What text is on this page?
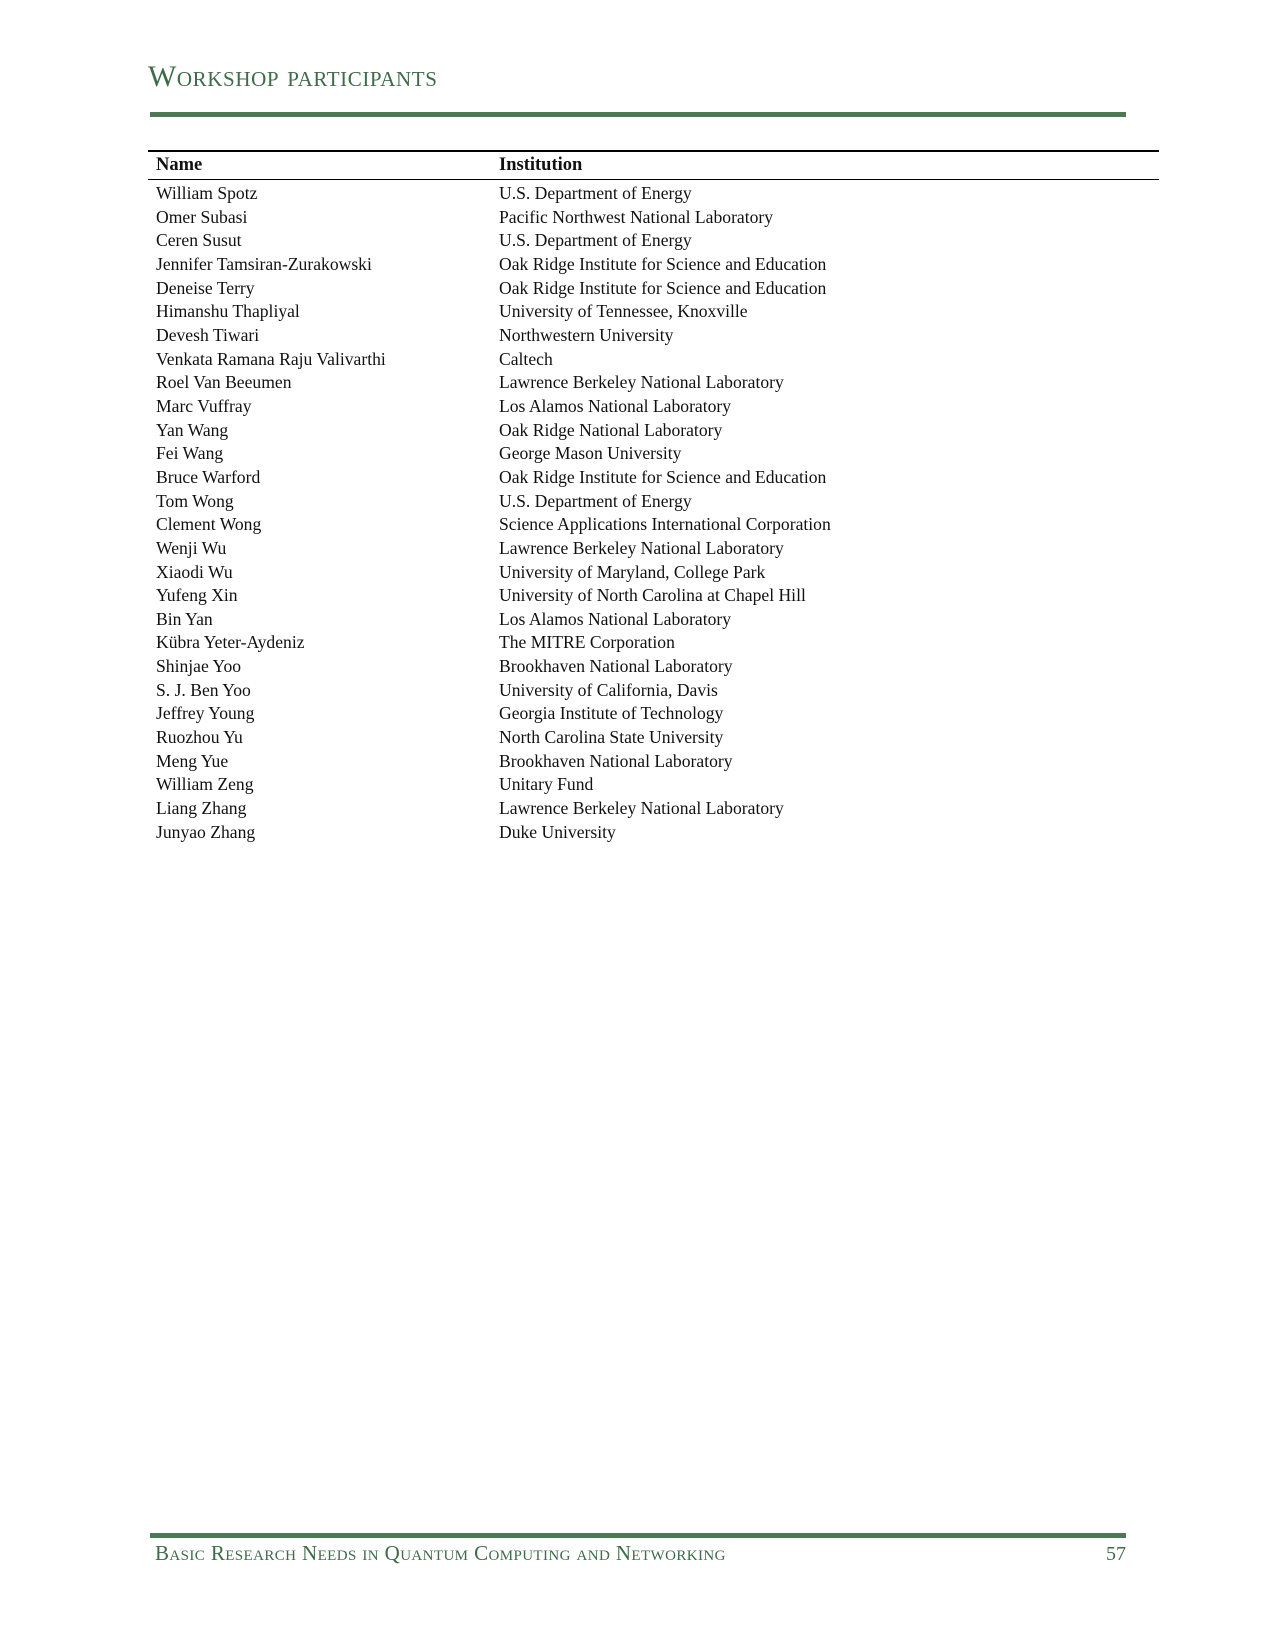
Workshop participants
Name	Institution
William Spotz	U.S. Department of Energy
Omer Subasi	Pacific Northwest National Laboratory
Ceren Susut	U.S. Department of Energy
Jennifer Tamsiran-Zurakowski	Oak Ridge Institute for Science and Education
Deneise Terry	Oak Ridge Institute for Science and Education
Himanshu Thapliyal	University of Tennessee, Knoxville
Devesh Tiwari	Northwestern University
Venkata Ramana Raju Valivarthi	Caltech
Roel Van Beeumen	Lawrence Berkeley National Laboratory
Marc Vuffray	Los Alamos National Laboratory
Yan Wang	Oak Ridge National Laboratory
Fei Wang	George Mason University
Bruce Warford	Oak Ridge Institute for Science and Education
Tom Wong	U.S. Department of Energy
Clement Wong	Science Applications International Corporation
Wenji Wu	Lawrence Berkeley National Laboratory
Xiaodi Wu	University of Maryland, College Park
Yufeng Xin	University of North Carolina at Chapel Hill
Bin Yan	Los Alamos National Laboratory
Kübra Yeter-Aydeniz	The MITRE Corporation
Shinjae Yoo	Brookhaven National Laboratory
S. J. Ben Yoo	University of California, Davis
Jeffrey Young	Georgia Institute of Technology
Ruozhou Yu	North Carolina State University
Meng Yue	Brookhaven National Laboratory
William Zeng	Unitary Fund
Liang Zhang	Lawrence Berkeley National Laboratory
Junyao Zhang	Duke University
Basic Research Needs in Quantum Computing and Networking	57
